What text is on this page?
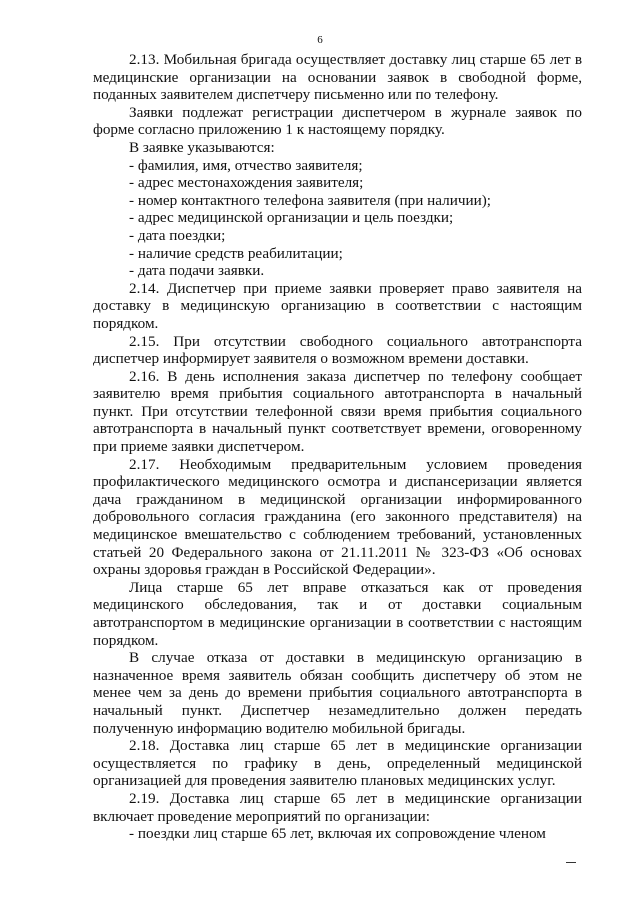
6

2.13. Мобильная бригада осуществляет доставку лиц старше 65 лет в медицинские организации на основании заявок в свободной форме, поданных заявителем диспетчеру письменно или по телефону.

Заявки подлежат регистрации диспетчером в журнале заявок по форме согласно приложению 1 к настоящему порядку.

В заявке указываются:

- фамилия, имя, отчество заявителя;
- адрес местонахождения заявителя;
- номер контактного телефона заявителя (при наличии);
- адрес медицинской организации и цель поездки;
- дата поездки;
- наличие средств реабилитации;
- дата подачи заявки.

2.14. Диспетчер при приеме заявки проверяет право заявителя на доставку в медицинскую организацию в соответствии с настоящим порядком.

2.15. При отсутствии свободного социального автотранспорта диспетчер информирует заявителя о возможном времени доставки.

2.16. В день исполнения заказа диспетчер по телефону сообщает заявителю время прибытия социального автотранспорта в начальный пункт. При отсутствии телефонной связи время прибытия социального автотранспорта в начальный пункт соответствует времени, оговоренному при приеме заявки диспетчером.

2.17. Необходимым предварительным условием проведения профилактического медицинского осмотра и диспансеризации является дача гражданином в медицинской организации информированного добровольного согласия гражданина (его законного представителя) на медицинское вмешательство с соблюдением требований, установленных статьей 20 Федерального закона от 21.11.2011 № 323-ФЗ «Об основах охраны здоровья граждан в Российской Федерации».

Лица старше 65 лет вправе отказаться как от проведения медицинского обследования, так и от доставки социальным автотранспортом в медицинские организации в соответствии с настоящим порядком.

В случае отказа от доставки в медицинскую организацию в назначенное время заявитель обязан сообщить диспетчеру об этом не менее чем за день до времени прибытия социального автотранспорта в начальный пункт. Диспетчер незамедлительно должен передать полученную информацию водителю мобильной бригады.

2.18. Доставка лиц старше 65 лет в медицинские организации осуществляется по графику в день, определенный медицинской организацией для проведения заявителю плановых медицинских услуг.

2.19. Доставка лиц старше 65 лет в медицинские организации включает проведение мероприятий по организации:

- поездки лиц старше 65 лет, включая их сопровождение членом
